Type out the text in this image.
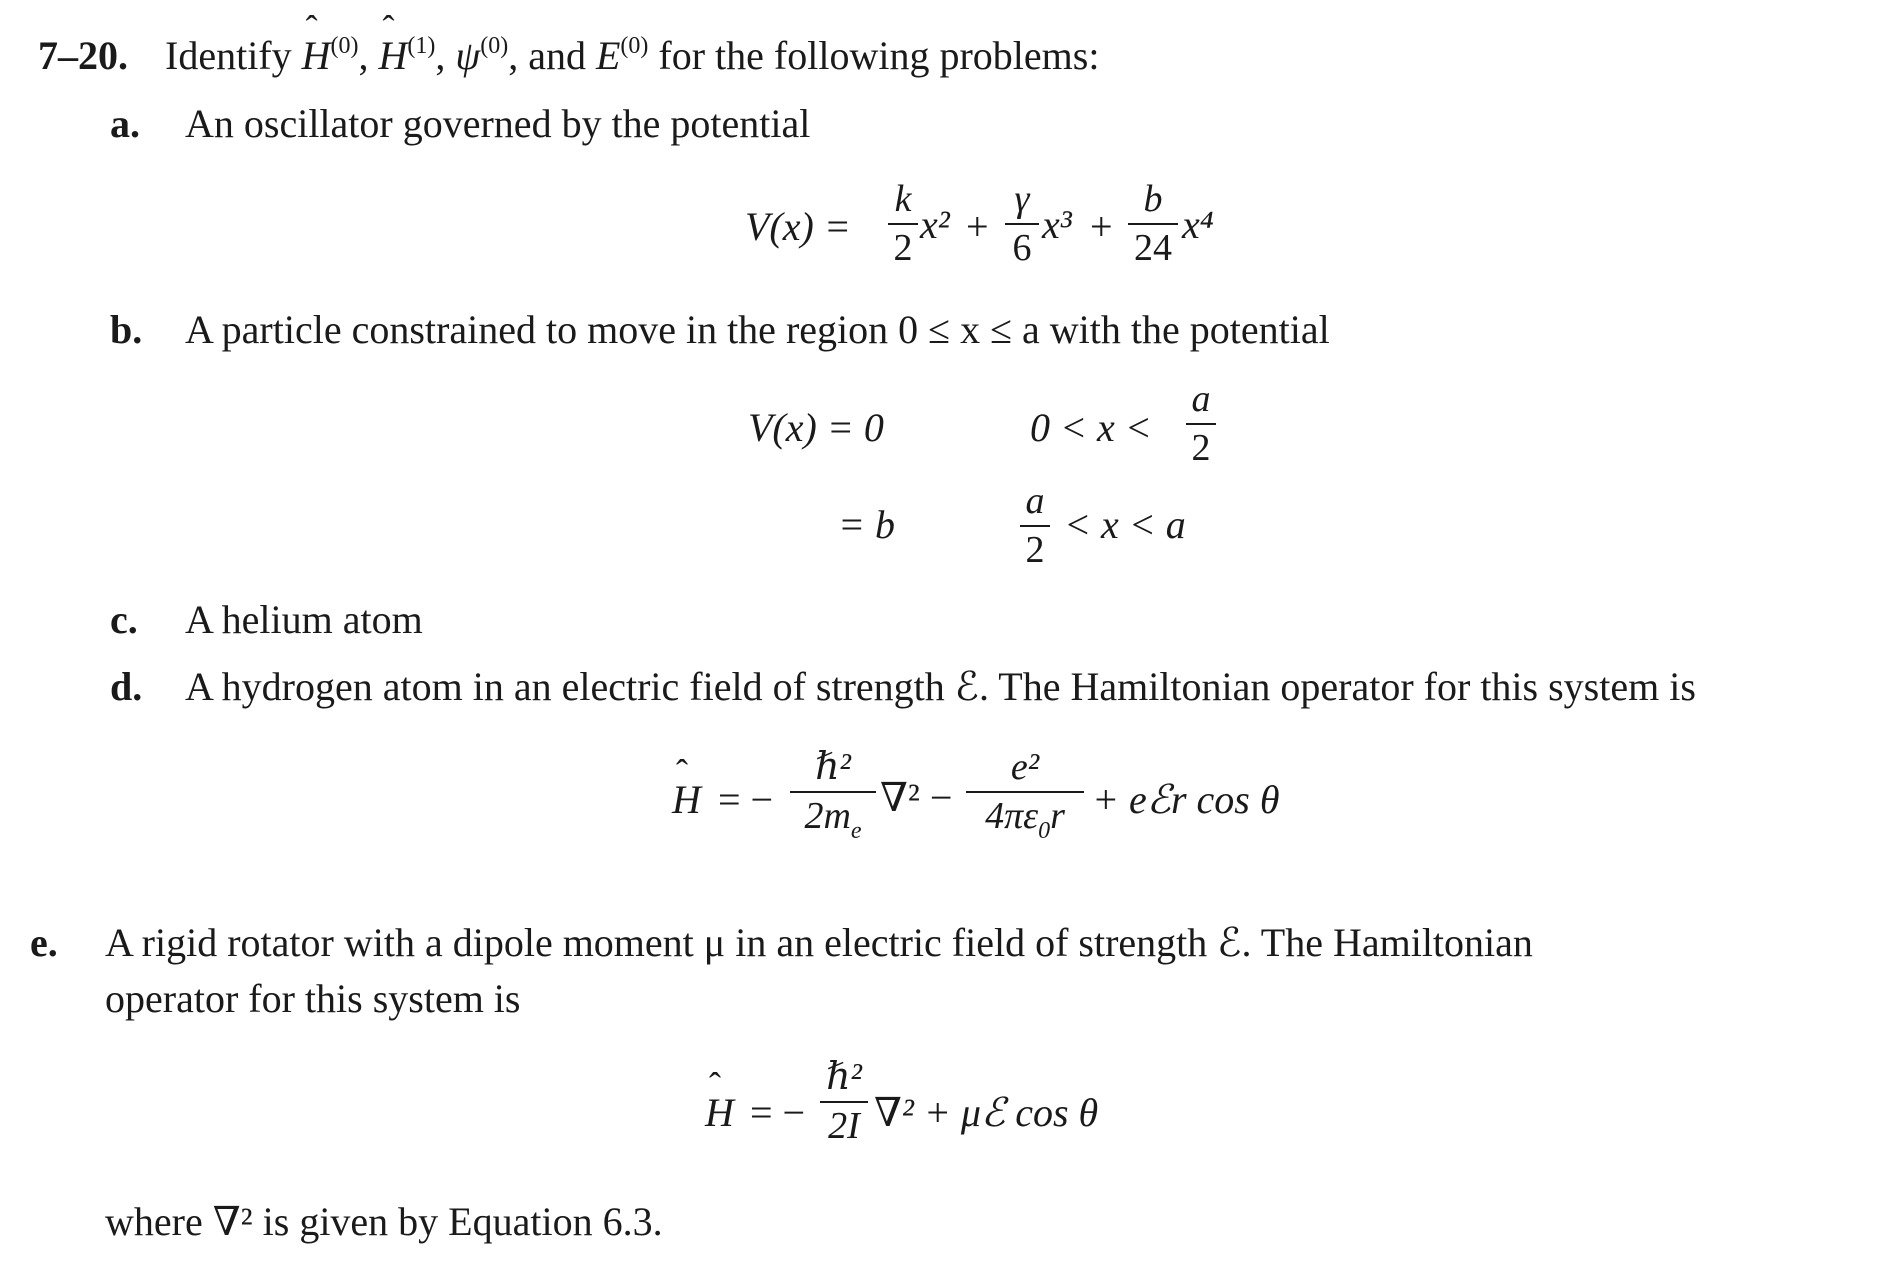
7–20. Identify H ˆ$^{(0)}$, H ˆ$^{(1)}$, $\psi^{(0)}$, and $E^{(0)}$ for the following problems:
a. An oscillator governed by the potential
V(x) =
k
2
x² +
γ
6
x³ +
b
24
x⁴
b. A particle constrained to move in the region 0 ≤ x ≤ a with the potential
V(x) = 0	0 < x <
a
2
= b
a
2
< x < a
c. A helium atom
d. A hydrogen atom in an electric field of strength ℰ. The Hamiltonian operator for this system is
H ˆ = −
ℏ²
$2m_e$
∇² −
e²
$4\pi\varepsilon_0r$ + eℰr cos θ
e. A rigid rotator with a dipole moment μ in an electric field of strength ℰ. The Hamiltonian
operator for this system is
H ˆ = −
ℏ²
2I ∇² + μℰ cos θ
where ∇² is given by Equation 6.3.
